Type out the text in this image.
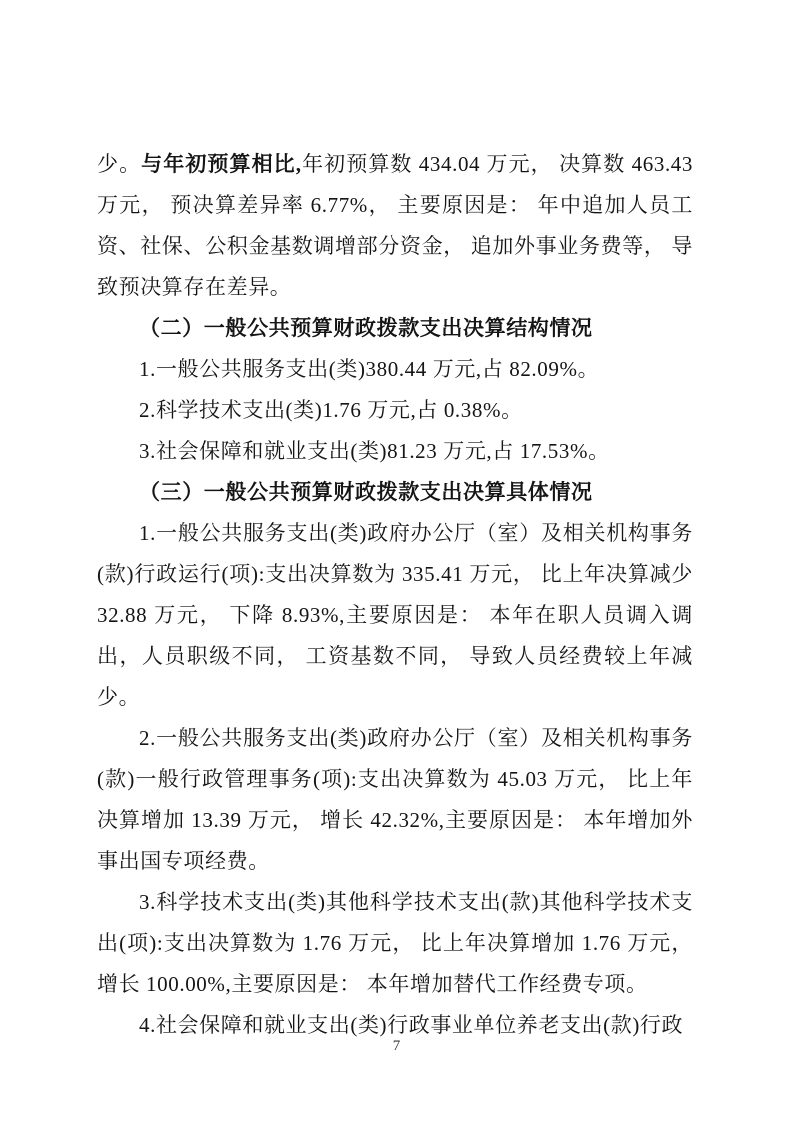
少。与年初预算相比,年初预算数 434.04 万元， 决算数 463.43 万元， 预决算差异率 6.77%， 主要原因是： 年中追加人员工资、社保、公积金基数调增部分资金， 追加外事业务费等， 导致预决算存在差异。

（二）一般公共预算财政拨款支出决算结构情况

1.一般公共服务支出(类)380.44 万元,占 82.09%。

2.科学技术支出(类)1.76 万元,占 0.38%。

3.社会保障和就业支出(类)81.23 万元,占 17.53%。

（三）一般公共预算财政拨款支出决算具体情况

1.一般公共服务支出(类)政府办公厅（室）及相关机构事务(款)行政运行(项):支出决算数为 335.41 万元， 比上年决算减少 32.88 万元， 下降 8.93%,主要原因是： 本年在职人员调入调出，人员职级不同， 工资基数不同， 导致人员经费较上年减少。

2.一般公共服务支出(类)政府办公厅（室）及相关机构事务(款)一般行政管理事务(项):支出决算数为 45.03 万元， 比上年决算增加 13.39 万元， 增长 42.32%,主要原因是： 本年增加外事出国专项经费。

3.科学技术支出(类)其他科学技术支出(款)其他科学技术支出(项):支出决算数为 1.76 万元， 比上年决算增加 1.76 万元， 增长 100.00%,主要原因是： 本年增加替代工作经费专项。

4.社会保障和就业支出(类)行政事业单位养老支出(款)行政

7
